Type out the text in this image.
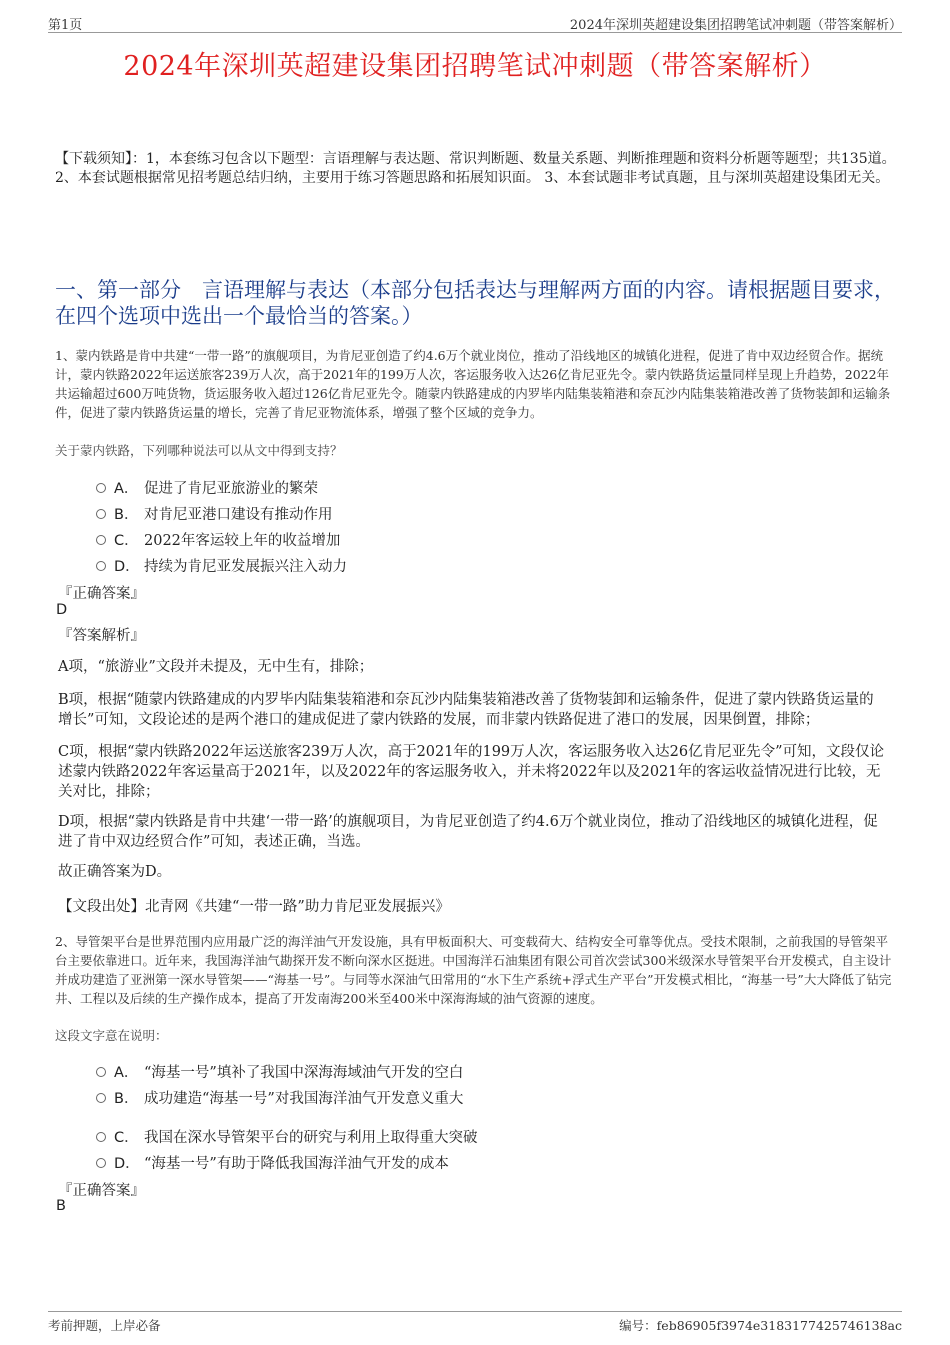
第1页	2024年深圳英超建设集团招聘笔试冲刺题（带答案解析）
2024年深圳英超建设集团招聘笔试冲刺题（带答案解析）
【下载须知】：1，本套练习包含以下题型：言语理解与表达题、常识判断题、数量关系题、判断推理题和资料分析题等题型；共135道。 2、本套试题根据常见招考题总结归纳，主要用于练习答题思路和拓展知识面。 3、本套试题非考试真题，且与深圳英超建设集团无关。
一、第一部分　言语理解与表达（本部分包括表达与理解两方面的内容。请根据题目要求，在四个选项中选出一个最恰当的答案。）
1、蒙内铁路是肯中共建“一带一路”的旗舰项目，为肯尼亚创造了约4.6万个就业岗位，推动了沿线地区的城镇化进程，促进了肯中双边经贸合作。据统计，蒙内铁路2022年运送旅客239万人次，高于2021年的199万人次，客运服务收入达26亿肯尼亚先令。蒙内铁路货运量同样呈现上升趋势，2022年共运输超过600万吨货物，货运服务收入超过126亿肯尼亚先令。随蒙内铁路建成的内罗毕内陆集装箱港和奈瓦沙内陆集装箱港改善了货物装卸和运输条件，促进了蒙内铁路货运量的增长，完善了肯尼亚物流体系，增强了整个区域的竞争力。
关于蒙内铁路，下列哪种说法可以从文中得到支持？
A． 促进了肯尼亚旅游业的繁荣
B． 对肯尼亚港口建设有推动作用
C． 2022年客运较上年的收益增加
D． 持续为肯尼亚发展振兴注入动力
『正确答案』
D
『答案解析』
A项，“旅游业”文段并未提及，无中生有，排除；
B项，根据“随蒙内铁路建成的内罗毕内陆集装箱港和奈瓦沙内陆集装箱港改善了货物装卸和运输条件，促进了蒙内铁路货运量的增长”可知，文段论述的是两个港口的建成促进了蒙内铁路的发展，而非蒙内铁路促进了港口的发展，因果倒置，排除；
C项，根据“蒙内铁路2022年运送旅客239万人次，高于2021年的199万人次，客运服务收入达26亿肯尼亚先令”可知，文段仅论述蒙内铁路2022年客运量高于2021年，以及2022年的客运服务收入，并未将2022年以及2021年的客运收益情况进行比较，无关对比，排除；
D项，根据“蒙内铁路是肯中共建‘一带一路’的旗舰项目，为肯尼亚创造了约4.6万个就业岗位，推动了沿线地区的城镇化进程，促进了肯中双边经贸合作”可知，表述正确，当选。
故正确答案为D。
【文段出处】北青网《共建“一带一路”助力肯尼亚发展振兴》
2、导管架平台是世界范围内应用最广泛的海洋油气开发设施，具有甲板面积大、可变载荷大、结构安全可靠等优点。受技术限制，之前我国的导管架平台主要依靠进口。近年来，我国海洋油气勘探开发不断向深水区挺进。中国海洋石油集团有限公司首次尝试300米级深水导管架平台开发模式，自主设计并成功建造了亚洲第一深水导管架——“海基一号”。与同等水深油气田常用的“水下生产系统+浮式生产平台”开发模式相比，“海基一号”大大降低了钻完井、工程以及后续的生产操作成本，提高了开发南海200米至400米中深海海域的油气资源的速度。
这段文字意在说明：
A． “海基一号”填补了我国中深海海域油气开发的空白
B． 成功建造“海基一号”对我国海洋油气开发意义重大
C． 我国在深水导管架平台的研究与利用上取得重大突破
D． “海基一号”有助于降低我国海洋油气开发的成本
『正确答案』
B
考前押题，上岸必备	编号：feb86905f3974e3183177425746138ac
